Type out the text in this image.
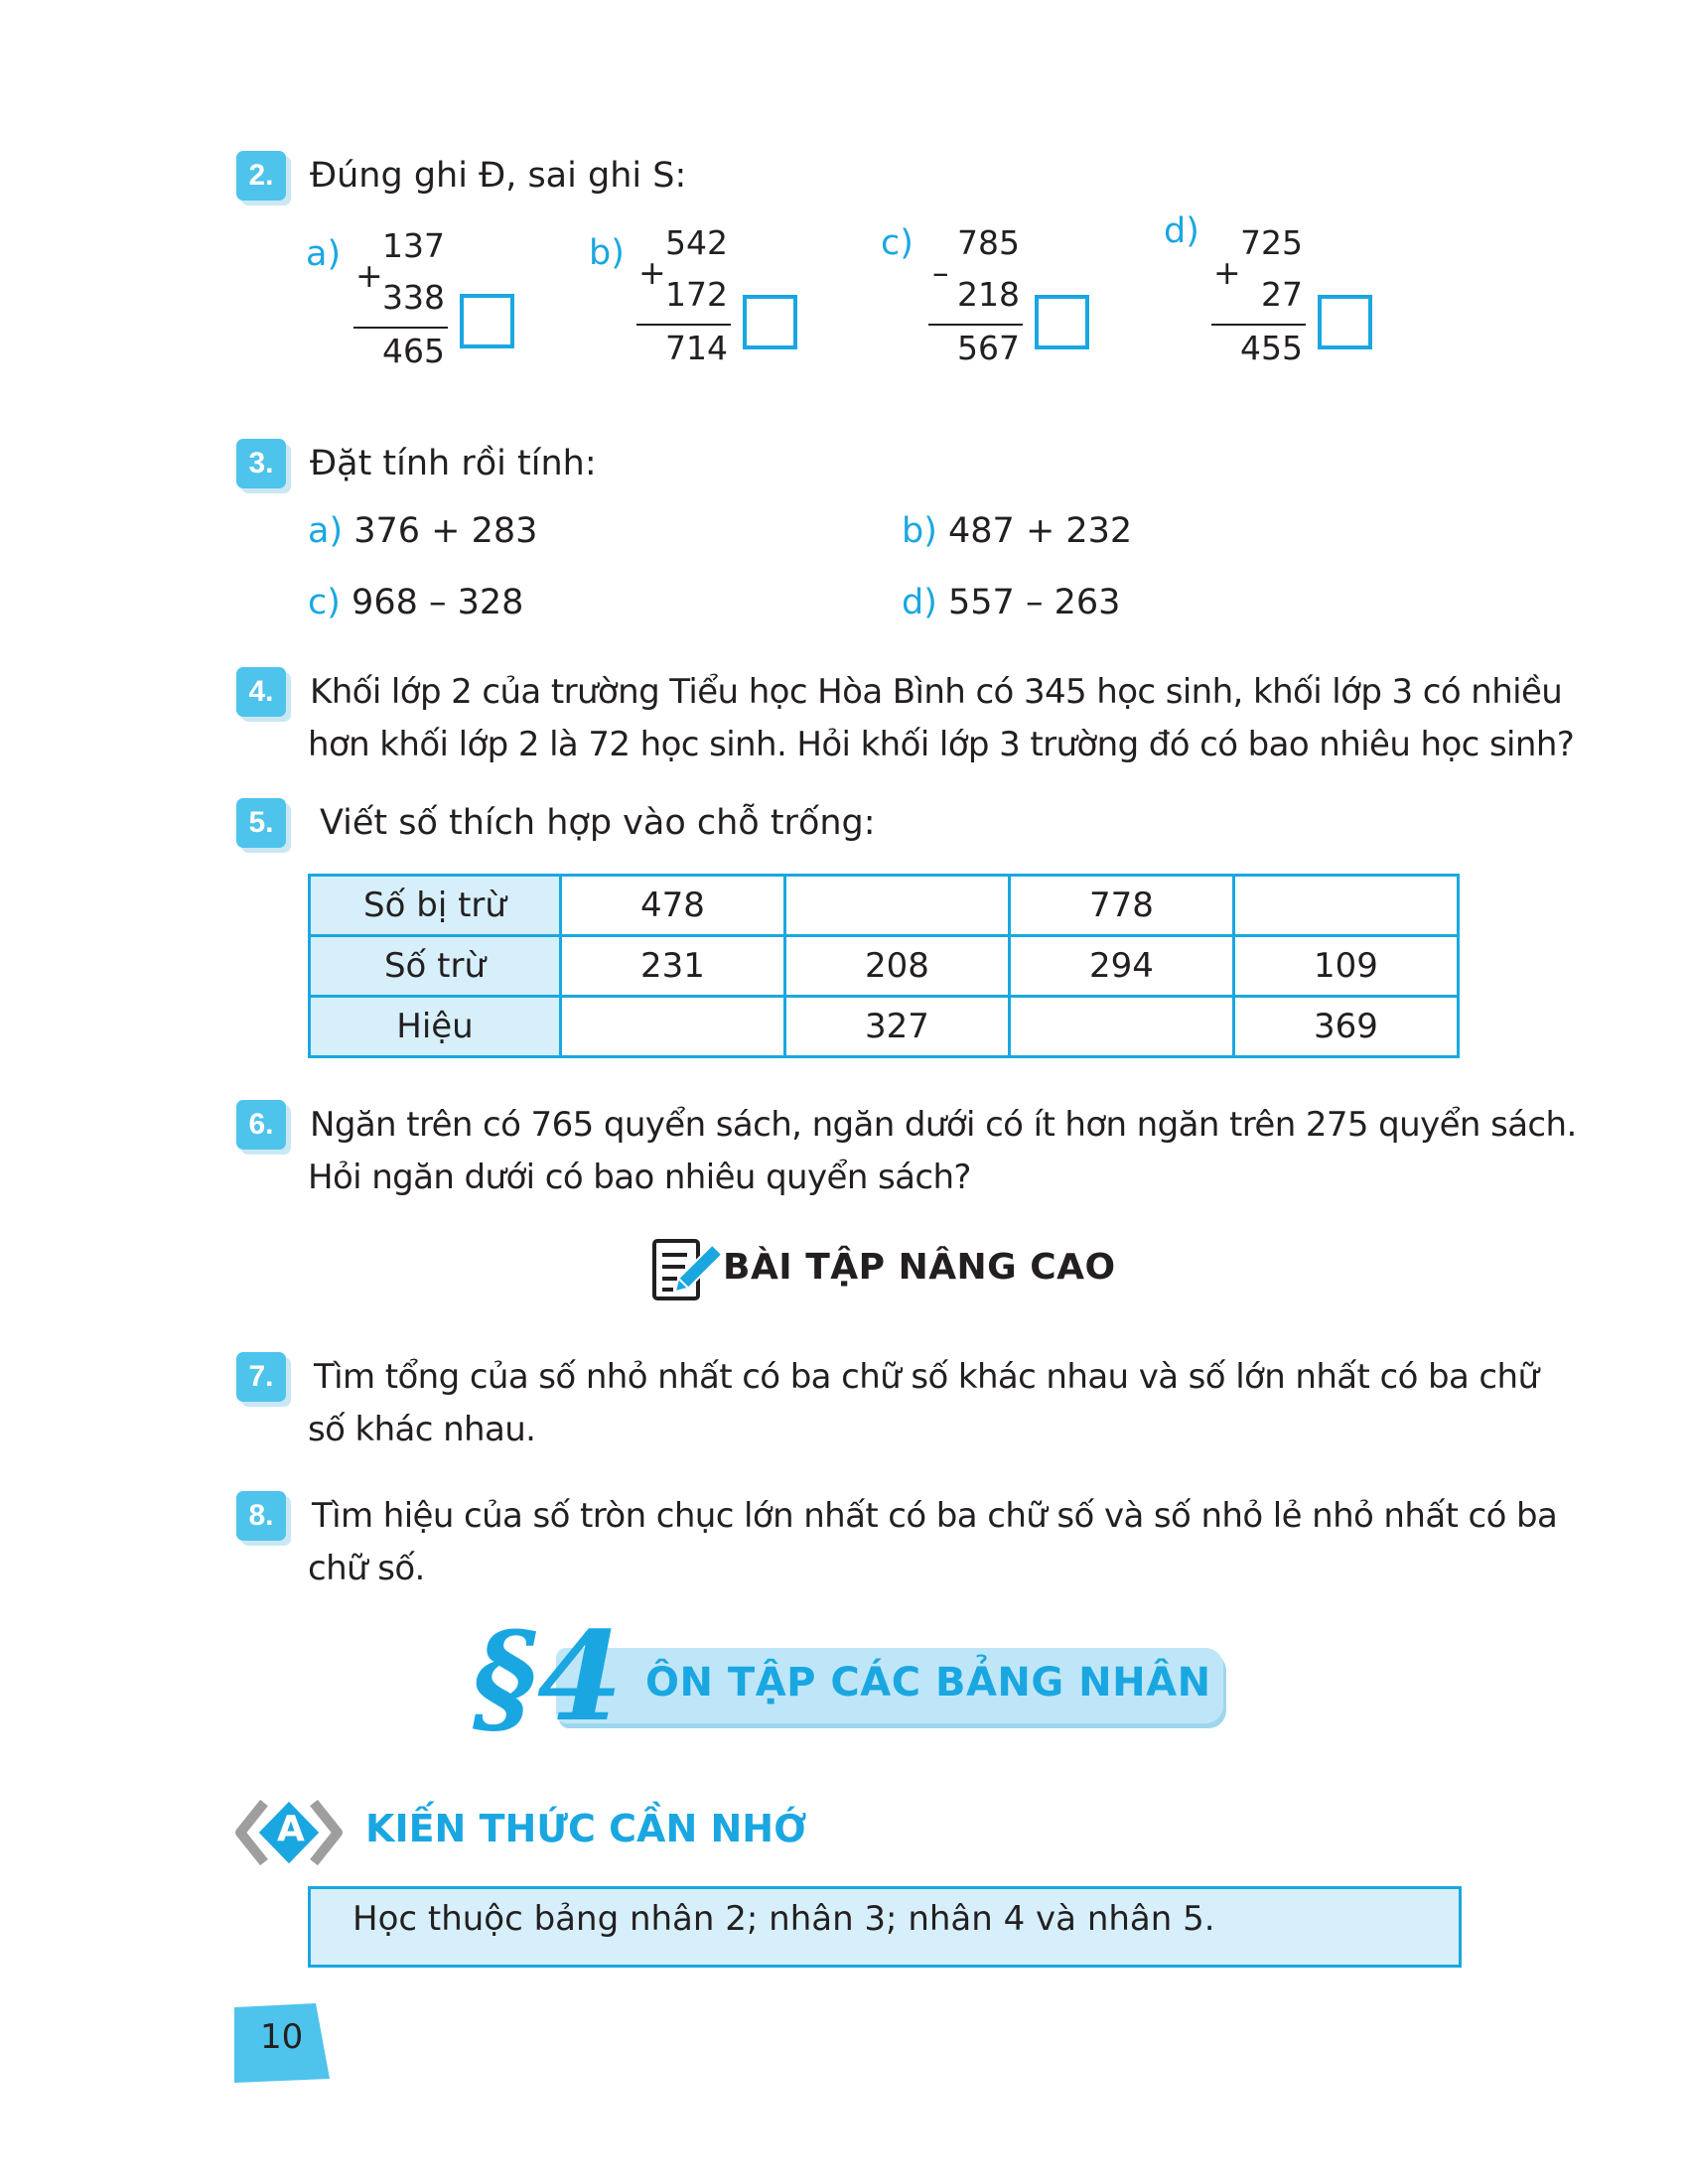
2.	Đúng ghi Đ, sai ghi S:
a) 137
+
338
465
b) 542
+
172
714
c) 785
–
218
567
d) 725
+
27
455
3.	Đặt tính rồi tính:
a) 376 + 283	b) 487 + 232
c) 968 – 328	d) 557 – 263
4.	Khối lớp 2 của trường Tiểu học Hòa Bình có 345 học sinh, khối lớp 3 có nhiều
hơn khối lớp 2 là 72 học sinh. Hỏi khối lớp 3 trường đó có bao nhiêu học sinh?
5.	Viết số thích hợp vào chỗ trống:
Số bị trừ	478		778	
Số trừ	231	208	294	109
Hiệu		327		369
6.	Ngăn trên có 765 quyển sách, ngăn dưới có ít hơn ngăn trên 275 quyển sách.
Hỏi ngăn dưới có bao nhiêu quyển sách?
BÀI TẬP NÂNG CAO
7.	Tìm tổng của số nhỏ nhất có ba chữ số khác nhau và số lớn nhất có ba chữ
số khác nhau.
8.	Tìm hiệu của số tròn chục lớn nhất có ba chữ số và số nhỏ lẻ nhỏ nhất có ba
chữ số.
§4 ÔN TẬP CÁC BẢNG NHÂN
A KIẾN THỨC CẦN NHỚ
Học thuộc bảng nhân 2; nhân 3; nhân 4 và nhân 5.
10
